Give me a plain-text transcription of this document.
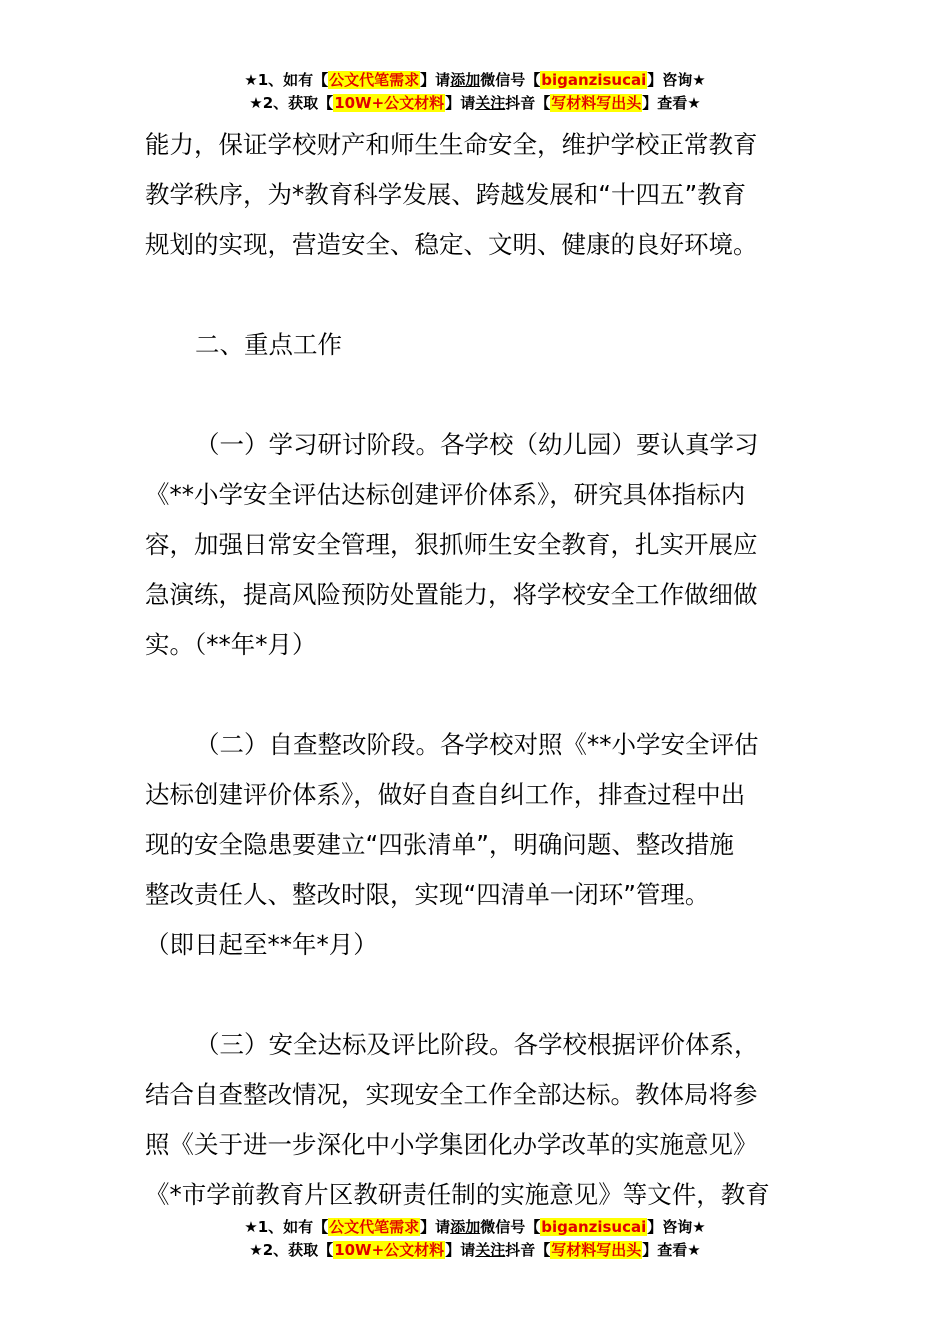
★1、如有【公文代笔需求】请添加微信号【biganzisucai】咨询★
★2、获取【10W+公文材料】请关注抖音【写材料写出头】查看★
能力，保证学校财产和师生生命安全，维护学校正常教育
教学秩序，为*教育科学发展、跨越发展和“十四五”教育
规划的实现，营造安全、稳定、文明、健康的良好环境。
二、重点工作
（一）学习研讨阶段。各学校（幼儿园）要认真学习
《**小学安全评估达标创建评价体系》，研究具体指标内
容，加强日常安全管理，狠抓师生安全教育，扎实开展应
急演练，提高风险预防处置能力，将学校安全工作做细做
实。（**年*月）
（二）自查整改阶段。各学校对照《**小学安全评估
达标创建评价体系》，做好自查自纠工作，排查过程中出
现的安全隐患要建立“四张清单”，明确问题、整改措施
整改责任人、整改时限，实现“四清单一闭环”管理。
（即日起至**年*月）
（三）安全达标及评比阶段。各学校根据评价体系，
结合自查整改情况，实现安全工作全部达标。教体局将参
照《关于进一步深化中小学集团化办学改革的实施意见》
《*市学前教育片区教研责任制的实施意见》等文件，教育
★1、如有【公文代笔需求】请添加微信号【biganzisucai】咨询★
★2、获取【10W+公文材料】请关注抖音【写材料写出头】查看★
